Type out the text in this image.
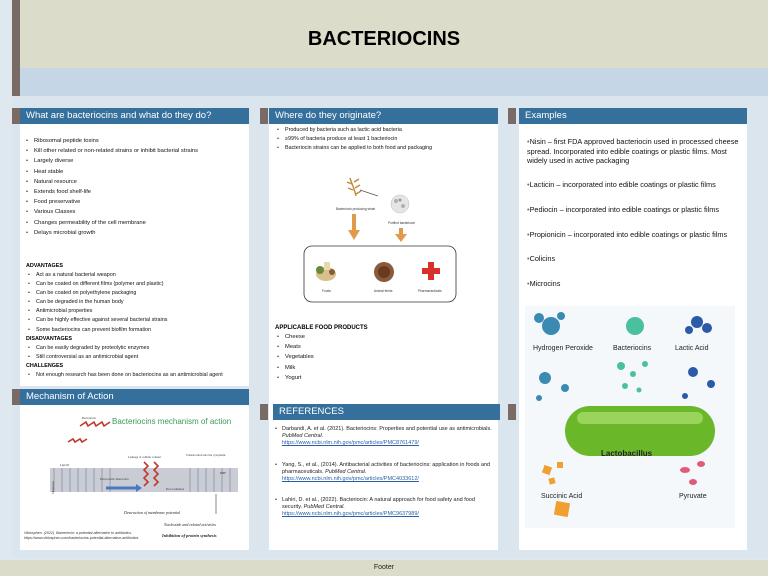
BACTERIOCINS
What are bacteriocins and what do they do?
• Ribosomal peptide toxins
• Kill other related or non-related strains or inhibit bacterial strains
• Largely diverse
• Heat stable
• Natural resource
• Extends food shelf-life
• Food preservative
• Various Classes
• Changes permeability of the cell membrane
• Delays microbial growth
ADVANTAGES
• Act as a natural bacterial weapon
• Can be coated on different films (polymer and plastic)
• Can be coated on polyethylene packaging
• Can be degraded in the human body
• Antimicrobial properties
• Can be highly effective against several bacterial strains
• Some bacteriocins can prevent biofilm formation
DISADVANTAGES
• Can be easily degraded by proteolytic enzymes
• Still controversial as an antimicrobial agent
CHALLENGES
• Not enough research has been done on bacteriocins as an antimicrobial agent
Mechanism of Action
Bacteriocins mechanism of action
Bacteriocin
Lipid II
Electrostatic interaction
Leakage of cellular content	Translocation into the cytoplasm
Pore formation
Membrane
PMF
Destruction of membrane potential
Nucleotide and related activities
Inhibition of protein synthesis
Vibiosphen. (2022). Bacteriocin: a potential alternative to antibiotics.
https://www.vibiosphen.com/bacteriocins-potential-alternative-antibiotics
Where do they originate?
• Produced by bacteria such as lactic acid bacteria
• ≥99% of bacteria produce at least 1 bacteriocin
• Bacteriocin strains can be applied to both food and packaging
Bacteriocin producing strain
Purified bacteriocin
Foods	Animal feeds	Pharmaceuticals
APPLICABLE FOOD PRODUCTS
• Cheese
• Meats
• Vegetables
• Milk
• Yogurt
REFERENCES
• Darbandi, A. et al. (2021). Bacteriocins: Properties and potential use as antimicrobials. PubMed Central.
https://www.ncbi.nlm.nih.gov/pmc/articles/PMC8761479/
• Yang, S., et al., (2014). Antibacterial activities of bacteriocins: application in foods and pharmaceuticals. PubMed Central.
https://www.ncbi.nlm.nih.gov/pmc/articles/PMC4033612/
• Lahiri, D. et al., (2022). Bacteriocin: A natural approach for food safety and food security. PubMed Central.
https://www.ncbi.nlm.nih.gov/pmc/articles/PMC9637989/
Examples
• Nisin – first FDA approved bacteriocin used in processed cheese spread. Incorporated into edible coatings or plastic films. Most widely used in active packaging
• Lacticin – incorporated into edible coatings or plastic films
• Pediocin – incorporated into edible coatings or plastic films
• Propionicin – incorporated into edible coatings or plastic films
• Colicins
• Microcins
Hydrogen Peroxide	Bacteriocins	Lactic Acid
Lactobacillus
Succinic Acid	Pyruvate
Footer
